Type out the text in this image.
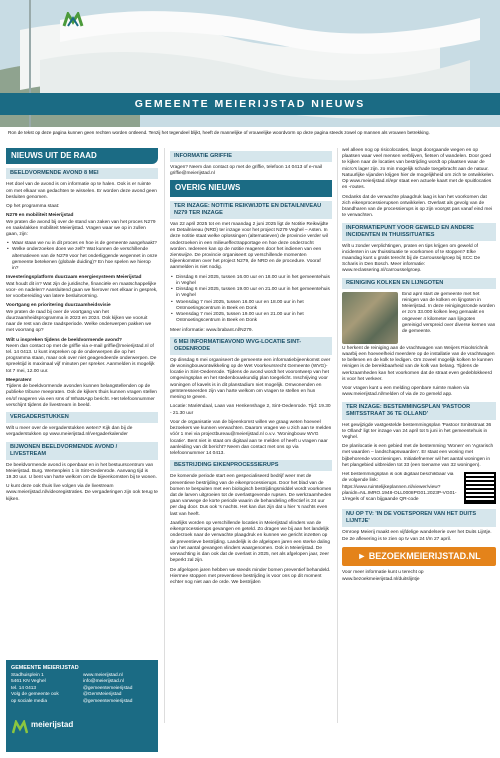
GEMEENTE MEIERIJSTAD NIEUWS
Ron de tekst op deze pagina kunnen geen rechten worden ontleend. Tenzij het tegendeel blijkt, heeft de mannelijke of vrouwelijke woordvorm op deze pagina steeds zowel op mannen als vrouwen betrekking.
NIEUWS UIT DE RAAD
BEELDVORMENDE AVOND 8 MEI
Het doel van de avond is om informatie op te halen. Ook is er ruimte om met elkaar van gedachten te wisselen. Er worden deze avond geen besluiten genomen.
Op het programma staat:
N279 en mobiliteit Meierijstad
We praten die avond bij over de stand van zaken van het proces N279 en raakvlakken mobiliteit Meierijstad. Vragen waar we op in zullen gaan, zijn:
• Waar staan we nu in dit proces en hoe is de gemeente aangehaakt?
• Welke onderzoeken doen we zelf? Wat kunnen de verschillende alternatieven van de N279 voor het onderliggende wegennet in onze gemeente betekenen (globale duiding)? En hoe spelen we hierop in?
Investeringsplatform duurzaam energiesysteem Meierijstad
Wat houdt dit in? Wat zijn de juridische, financiële en maatschappelijke voor- en nadelen? Aansluitend gaan we hierover met elkaar in gesprek, ter voorbereiding van latere besluitvorming.
Voortgang en prioritering duurzaamheidsvisie
We praten de raad bij over de voortgang van het duurzaamheidsprogramma in 2023 en 2024. Ook kijken we vooruit naar de rest van deze raadsperiode. Welke onderwerpen pakken we met voorrang op?
Wilt u inspreken tijdens de beeldvormende avond?
Neem dan contact op met de griffie via e-mail griffie@meierijstad.nl of tel. 14 0413. U kunt inspreken op de onderwerpen die op het programma staan, maar ook over niet geagendeerde onderwerpen. De spreektijd is maximaal vijf minuten per spreker. Aanmelden is mogelijk tot 7 mei, 12.00 uur.
Meepraten!
Tijdens de beeldvormende avonden kunnen belangstellenden op de publieke tribune meepraten. Ook de kijkers thuis kunnen vragen stellen en/of reageren via een sms of WhatsApp bericht. Het telefoonnummer verschijnt tijdens de livestream in beeld.
VERGADERSTUKKEN
Wilt u meer over de vergaderstukken weten? Kijk dan bij de vergaderstukken op www.meierijstad.nl/vergaderkalender
BIJWONEN BEELDVORMENDE AVOND / LIVESTREAM
De beeldvormende avond is openbaar en in het bestuurscentrum van Meierijstad. Burg. Wertenplein 1 in Sint-Oedenrode. Aanvang tijd is 19.30 uur. U bent van harte welkom om de bijeenkomsten bij te wonen.
U kunt deze ook thuis live volgen via de livestream www.meierijstad.nl/videoregistraties. De vergaderingen zijn ook terug te kijken.
GEMEENTE MEIERIJSTAD
Stadhuisplein 1
5461 KN Veghel
tel. 14 0413
Volg de gemeente ook
op sociale media
www.meierijstad.nl
info@meierijstad.nl
@gemeentemeierijstad
@GemMeierijstad
@gemeentemeierijstad
meierijstad
INFORMATIE GRIFFIE
Vragen? Neem dan contact op met de griffie, telefoon 14 0413 of e-mail griffie@meierijstad.nl
OVERIG NIEUWS
TER INZAGE: NOTITIE REIKWIJDTE EN DETAILNIVEAU N279 TER INZAGE
Van 22 april 2025 tot en met maandag 2 juni 2025 ligt de Notitie Reikwijdte en Detailniveau (NRD) ter inzage voor het project N279 Veghel – Asten. In deze notitie staat welke oplossingen (alternatieven) de provincie verder wil onderzoeken in een milieueffectrapportage en hoe deze onderzocht worden. Iedereen kan op de notitie reageren door het indienen van een zienswijze. De provincie organiseert op verschillende momenten bijeenkomsten over het project N279, de NRD en de procedure. Vooraf aanmelden is niet nodig.
• Dinsdag 6 mei 2025, tussen 16.00 uur en 18.00 uur in het gemeentehuis in Veghel
• Dinsdag 6 mei 2025, tussen 19.00 uur en 21.00 uur in het gemeentehuis in Veghel
• Woensdag 7 mei 2025, tussen 16.00 uur en 18.00 uur in het Ontmoetingscentrum in Beek en Donk
• Woensdag 7 mei 2025, tussen 19.00 uur en 21.00 uur in het Ontmoetingscentrum in Beek en Donk
Meer informatie: www.brabant.nl/N279.
6 MEI INFORMATIEAVOND WVG-LOCATIE SINT-OEDENRODE
Op dinsdag 6 mei organiseert de gemeente een informatiebijeenkomst over de woningbouwontwikkeling op de Wet Voorkeursrecht Gemeente (WVG)-locatie in Sint-Oedenrode. Tijdens de avond wordt het voorontwerp van het omgevingsplan en het stedenbouwkundig plan toegelicht. Inschrijving voor woningen of kavels is in dit planstadium niet mogelijk. Omwonenden en geïnteresseerden zijn van harte welkom om vragen te stellen en hun mening te geven.
Locatie: Mariëndaal, Laan van Henkenshage 2, Sint-Oedenrode. Tijd: 19.30 - 21.30 uur
Voor de organisatie van de bijeenkomst willen we graag weten hoeveel bezoekers we kunnen verwachten. Daarom vragen we u zich aan te melden vóór 1 mei via projectbureau@meierijstad.nl o.v.v. 'Woningbouw WVG locatie'. Bent niet in staat om digitaal aan te melden of heeft u vragen naar aanleiding van dit bericht? Neem dan contact met ons op via telefoonnummer 14 0413.
BESTRIJDING EIKENPROCESSIERUPS
De komende periode start een gespecialiseerd bedrijf weer met de preventieve bestrijding van de eikenprocessierups. Door het blad van de bomen te bespuiten met een biologisch bestrijdingsmiddel wordt voorkomen dat de larven uitgroeien tot de overlastgevende rupsen. De werkzaamheden gaan vanwege de korte periode waarin de behandeling effectief is 24 uur per dag door. Dus ook 's nachts. Het kan dus zijn dat u hier 's nachts even last van heeft.
Jaarlijks worden op verschillende locaties in Meierijstad vlinders van de eikenprocessierups gevangen en geteld. Zo dragen we bij aan het landelijk onderzoek naar de verwachte plaagdruk en kunnen we gericht inzetten op de preventieve bestrijding. Landelijk is de afgelopen jaren een sterke daling van het aantal gevangen vlinders waargenomen. Ook in Meierijstad. De verwachting is dan ook dat de overlast in 2025, net als afgelopen jaar, zeer beperkt zal zijn.
De afgelopen jaren hebben we steeds minder bomen preventief behandeld. Hiermee stoppen met preventieve bestrijding is voor ons op dit moment echter nog niet aan de orde. We bestrijden
wel alleen nog op risicolocaties, langs doorgaande wegen en op plaatsen waar veel mensen verblijven, fietsen of wandelen. Door goed te kijken naar de locaties van bestrijding wordt op plaatsen waar de micro's lager zijn. zo min mogelijk schade toegebracht aan de natuur. Natuurlijke vijanden krijgen hier de mogelijkheid om zich te ontwikkelen. Op www.meierijstad.nl/epr staat een actuele kaart met de spuitlocaties en -routes.
Ondanks dat de verwachte plaagdruk laag is kan het voorkomen dat zich eikenprocessierupsen ontwikkelen. Overlast als gevolg van de brandharen van de processierups is op zijn voorgst pas vanaf eind mei te verwachten.
INFORMATIEPUNT VOOR GEWELD EN ANDERE INCIDENTEN IN THUISSITUATIES
Wilt u zonder verplichtingen, praten en tips krijgen om geweld of incidenten in uw thuissituatie te voorkomen of te stoppen? Elke maandag kunt u gratis terecht bij de Carrousselgroep bij SCC De Scharis in Den Bosch. Meer informatie: www.reclassering.nl/carrousselgroep.
REINIGING KOLKEN EN LIJNGOTEN
Eind april start de gemeente met het reinigen van de kolken en lijngoten in Meierijstad. In deze reinigingsronde worden er zo'n 33.000 kolken leeg gemaakt en ongeveer 4 kilometer aan lijngoten gereinigd verspreid over diverse kernen van de gemeente.
U herkent de reiniging aan de vrachtwagen van Weijers Rioolsrichnik waarbij een hoeveelheid meerdere op de installatie van de vrachtwagen te bellenen en de kolk te ledigen. Om zoveel mogelijk kolken te kunnen reinigen is de bereikbaarheid van de kolk van belang. Tijdens de werkzaamheden kan het voorkomen dat de straat even gedeblokkeerd is voor het verkeer.
Voor vragen kunt u een melding openbare ruimte maken via www.meierijstad.nl/melden of via de zo gemeld app.
TER INZAGE: BESTEMMINGSPLAN 'PASTOOR SMITSSTRAAT 36 TE OLLAND'
Het gewijzigde vastgestelde bestemmingsplan 'Pastoor Smitsstraat 36 te Olland' ligt ter inzage van 24 april tot 5 juni in het gemeentehuis in Veghel.
De planlocatie is een gebied met de bestemming 'Wonen' en 'Agrarisch met waarden – landschapswaarden'. Er staat een woning met bijbehorende voorzieningen. Initiatiefnemer wil het aantal woningen in het plangebied uitbreiden tot 33 (een toename van 32 woningen).
Het bestemmingsplan is ook digitaal beschikbaar via de volgende link: https://www.ruimtelijkeplannen.nl/viewer/view?planidn=NL.IMRO.1948-OLL0008PG01.2023P-VG01-1/regels of scan bijgaande QR-code
NU OP TV: 'IN DE VOETSPOREN VAN HET DUITS LIJNTJE'
Omroep Meierij maakt een vijfdelige wandelserie over het Duits Lijntje. De 2e aflevering is te zien op tv van 24 t/m 27 april.
► BEZOEKMEIERIJSTAD.NL
Voor meer informatie kunt u terecht op www.bezoekmeierijstad.nl/duitslijntje
